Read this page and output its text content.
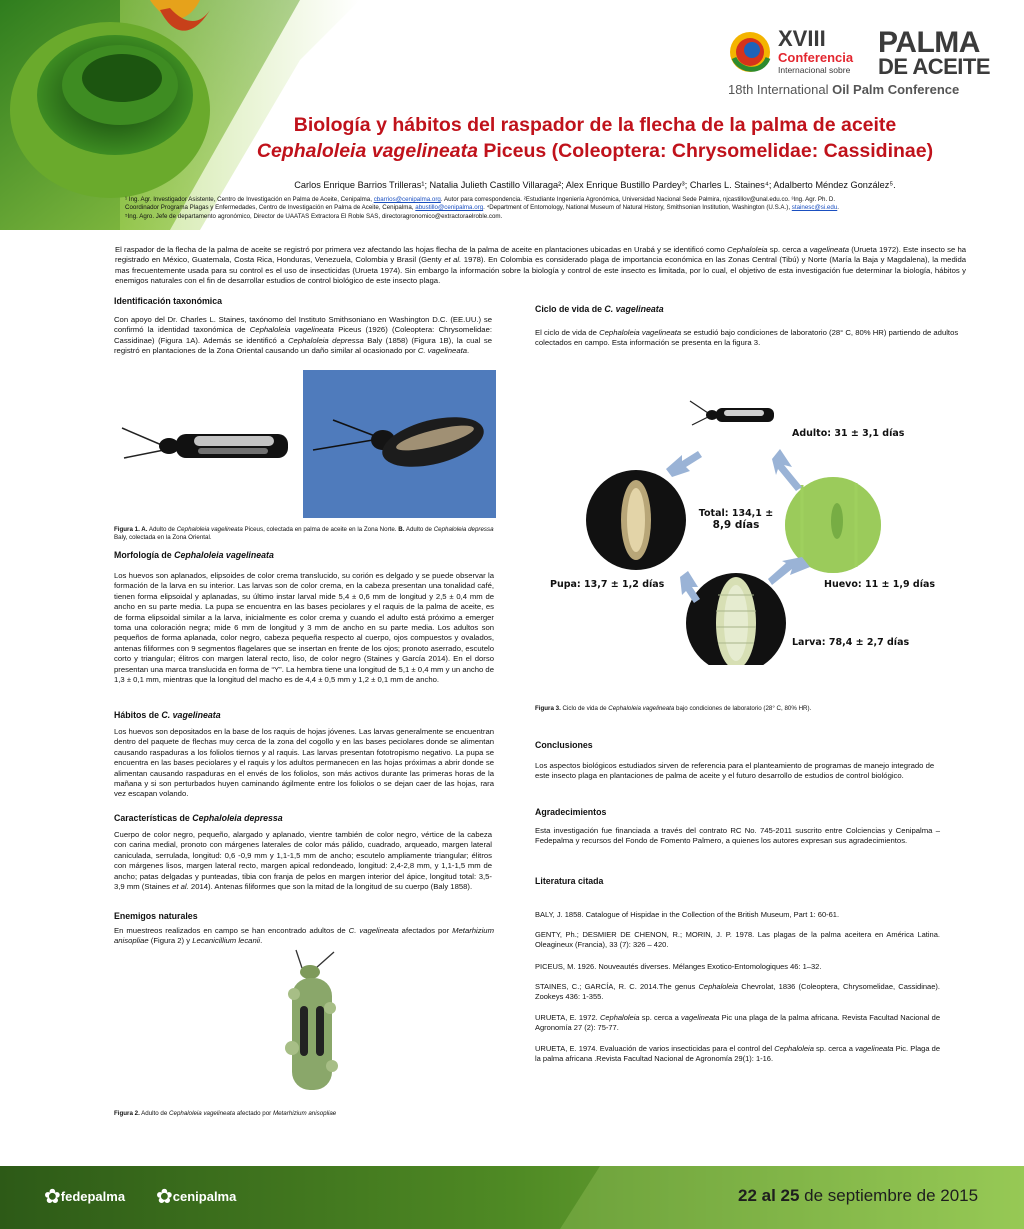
XVIII
Conferencia
Internacional sobre
PALMA
DE ACEITE
18th International Oil Palm Conference
Biología y hábitos del raspador de la flecha de la palma de aceite
Cephaloleia vagelineata Piceus (Coleoptera: Chrysomelidae: Cassidinae)
Carlos Enrique Barrios Trilleras¹; Natalia Julieth Castillo Villaraga²; Alex Enrique Bustillo Pardey³; Charles L. Staines⁴; Adalberto Méndez González⁵.
¹ Ing. Agr. Investigador Asistente, Centro de Investigación en Palma de Aceite, Cenipalma, cbarrios@cenipalma.org. Autor para correspondencia. ²Estudiante Ingeniería Agronómica, Universidad Nacional Sede Palmira, njcastillov@unal.edu.co. ³Ing. Agr. Ph. D.
Coordinador Programa Plagas y Enfermedades, Centro de Investigación en Palma de Aceite, Cenipalma, abustillo@cenipalma.org. ⁴Department of Entomology, National Museum of Natural History, Smithsonian Institution, Washington (U.S.A.), stainesc@si.edu.
⁵Ing. Agro. Jefe de departamento agronómico, Director de UAATAS Extractora El Roble SAS, directoragronomico@extractoraelroble.com.
El raspador de la flecha de la palma de aceite se registró por primera vez afectando las hojas flecha de la palma de aceite en plantaciones ubicadas en Urabá y se identificó como Cephaloleia sp. cerca a vagelineata (Urueta 1972). Este insecto se ha registrado en México, Guatemala, Costa Rica, Honduras, Venezuela, Colombia y Brasil (Genty et al. 1978). En Colombia es considerado plaga de importancia económica en las Zonas Central (Tibú) y Norte (María la Baja y Magdalena), la medida mas frecuentemente usada para su control es el uso de insecticidas (Urueta 1974). Sin embargo la información sobre la biología y control de este insecto es limitada, por lo cual, el objetivo de esta investigación fue determinar la biología, hábitos y enemigos naturales con el fin de desarrollar estudios de control biológico de este insecto plaga.
Identificación taxonómica
Con apoyo del Dr. Charles L. Staines, taxónomo del Instituto Smithsoniano en Washington D.C. (EE.UU.) se confirmó la identidad taxonómica de Cephaloleia vagelineata Piceus (1926) (Coleoptera: Chrysomelidae: Cassidinae) (Figura 1A). Además se identificó a Cephaloleia depressa Baly (1858) (Figura 1B), la cual se registró en plantaciones de la Zona Oriental causando un daño similar al ocasionado por C. vagelineata.
Figura 1. A. Adulto de Cephaloleia vagelineata Piceus, colectada en palma de aceite en la Zona Norte. B. Adulto de Cephaloleia depressa Baly, colectada en la Zona Oriental.
Morfología de Cephaloleia vagelineata
Los huevos son aplanados, elipsoides de color crema translucido, su corión es delgado y se puede observar la formación de la larva en su interior. Las larvas son de color crema, en la cabeza presentan una tonalidad café, tienen forma elipsoidal y aplanadas, su último instar larval mide 5,4 ± 0,6 mm de longitud y 2,5 ± 0,4 mm de ancho en su parte media. La pupa se encuentra en las bases peciolares y el raquis de la palma de aceite, es de forma elipsoidal similar a la larva, inicialmente es color crema y cuando el adulto está próximo a emerger toma una coloración negra; mide 6 mm de longitud y 3 mm de ancho en su parte media. Los adultos son pequeños de forma aplanada, color negro, cabeza pequeña respecto al cuerpo, ojos compuestos y ovalados, antenas filiformes con 9 segmentos flagelares que se insertan en frente de los ojos; pronoto aserrado, escutelo corto y triangular; élitros con margen lateral recto, liso, de color negro (Staines y García 2014). En el dorso presentan una marca translucida en forma de “Y”. La hembra tiene una longitud de 5,1 ± 0,4 mm y un ancho de 1,3 ± 0,1 mm, mientras que la longitud del macho es de 4,4 ± 0,5 mm y 1,2 ± 0,1 mm de ancho.
Hábitos de C. vagelineata
Los huevos son depositados en la base de los raquis de hojas jóvenes. Las larvas generalmente se encuentran dentro del paquete de flechas muy cerca de la zona del cogollo y en las bases peciolares donde se alimentan causando raspaduras a los foliolos tiernos y al raquis. Las larvas presentan fototropismo negativo. La pupa se encuentra en las bases peciolares y el raquis y los adultos permanecen en las hojas próximas a abrir donde se alimentan causando raspaduras en el envés de los foliolos, son más activos durante las primeras horas de la mañana y si son perturbados huyen caminando ágilmente entre los foliolos o se dejan caer de las hojas, rara vez escapan volando.
Características de Cephaloleia depressa
Cuerpo de color negro, pequeño, alargado y aplanado, vientre también de color negro, vértice de la cabeza con carina medial, pronoto con márgenes laterales de color más pálido, cuadrado, arqueado, margen lateral caniculada, serrulada, longitud: 0,6 -0,9 mm y 1,1-1,5 mm de ancho; escutelo ampliamente triangular; élitros con márgenes lisos, margen lateral recto, margen apical redondeado, longitud: 2,4-2,8 mm, y 1,1-1,5 mm de ancho; patas delgadas y punteadas, tibia con franja de pelos en margen interior del ápice, longitud total: 3,5-3,9 mm (Staines et al. 2014). Antenas filiformes que son la mitad de la longitud de su cuerpo (Baly 1858).
Enemigos naturales
En muestreos realizados en campo se han encontrado adultos de C. vagelineata afectados por Metarhizium anisopliae (Figura 2) y Lecanicillium lecanii.
Figura 2. Adulto de Cephaloleia vagelineata afectado por Metarhizium anisopliae
Ciclo de vida de C. vagelineata
El ciclo de vida de Cephaloleia vagelineata se estudió bajo condiciones de laboratorio (28° C, 80% HR) partiendo de adultos colectados en campo. Esta información se presenta en la figura 3.
Adulto: 31 ± 3,1 días
Huevo: 11 ± 1,9 días
Larva: 78,4 ± 2,7 días
Pupa: 13,7 ± 1,2 días
Total: 134,1 ±
8,9 días
Figura 3. Ciclo de vida de Cephaloleia vagelineata bajo condiciones de laboratorio (28° C, 80% HR).
Conclusiones
Los aspectos biológicos estudiados sirven de referencia para el planteamiento de programas de manejo integrado de este insecto plaga en plantaciones de palma de aceite y el futuro desarrollo de estudios de control biológico.
Agradecimientos
Esta investigación fue financiada a través del contrato RC No. 745-2011 suscrito entre Colciencias y Cenipalma – Fedepalma y recursos del Fondo de Fomento Palmero, a quienes los autores expresan sus agradecimientos.
Literatura citada
BALY, J. 1858. Catalogue of Hispidae in the Collection of the British Museum, Part 1: 60-61.
GENTY, Ph.; DESMIER DE CHENON, R.; MORIN, J. P. 1978. Las plagas de la palma aceitera en América Latina. Oleagineux (Francia), 33 (7): 326 – 420.
PICEUS, M. 1926. Nouveautés diverses. Mélanges Exotico-Entomologiques 46: 1–32.
STAINES, C.; GARCÍA, R. C. 2014.The genus Cephaloleia Chevrolat, 1836 (Coleoptera, Chrysomelidae, Cassidinae). Zookeys 436: 1-355.
URUETA, E. 1972. Cephaloleia sp. cerca a vagelineata Pic una plaga de la palma africana. Revista Facultad Nacional de Agronomía 27 (2): 75-77.
URUETA, E. 1974. Evaluación de varios insecticidas para el control del Cephaloleia sp. cerca a vagelineata Pic. Plaga de la palma africana .Revista Facultad Nacional de Agronomía 29(1): 1-16.
✿fedepalma ✿cenipalma	22 al 25 de septiembre de 2015
